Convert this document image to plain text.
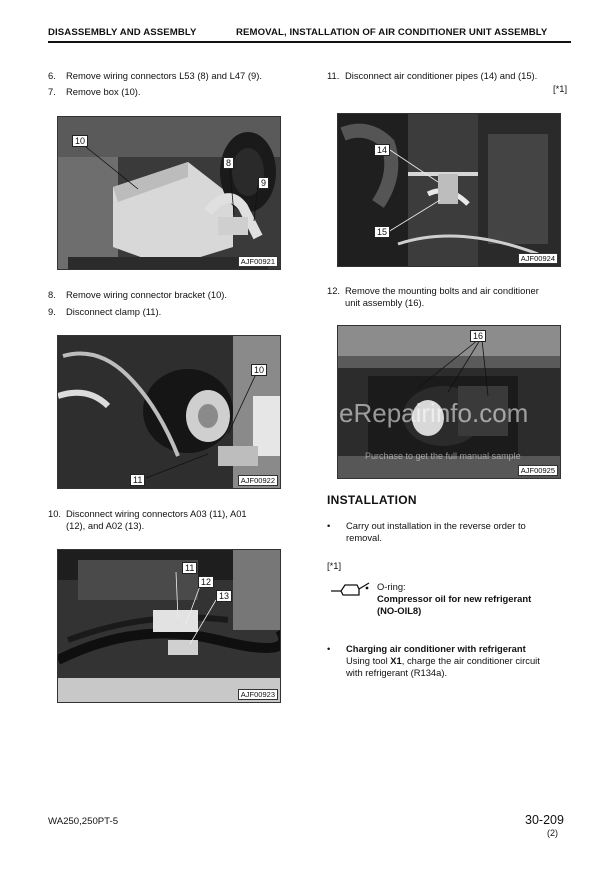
DISASSEMBLY AND ASSEMBLY	REMOVAL, INSTALLATION OF AIR CONDITIONER UNIT ASSEMBLY
6. Remove wiring connectors L53 (8) and L47 (9).
7. Remove box (10).
10
8
9
AJF00921
8. Remove wiring connector bracket (10).
9. Disconnect clamp (11).
10
11	AJF00922
10. Disconnect wiring connectors A03 (11), A01
(12), and A02 (13).
11
12
13
AJF00923
11. Disconnect air conditioner pipes (14) and (15).
[*1]
14
15
AJF00924
12. Remove the mounting bolts and air conditioner
unit assembly (16).
16
AJF00925
eRepairinfo.com
Purchase to get the full manual sample
INSTALLATION
• Carry out installation in the reverse order to
removal.
[*1]
O-ring:
Compressor oil for new refrigerant
(NO-OIL8)
• Charging air conditioner with refrigerant
Using tool X1, charge the air conditioner circuit
with refrigerant (R134a).
WA250,250PT-5	30-209
(2)
